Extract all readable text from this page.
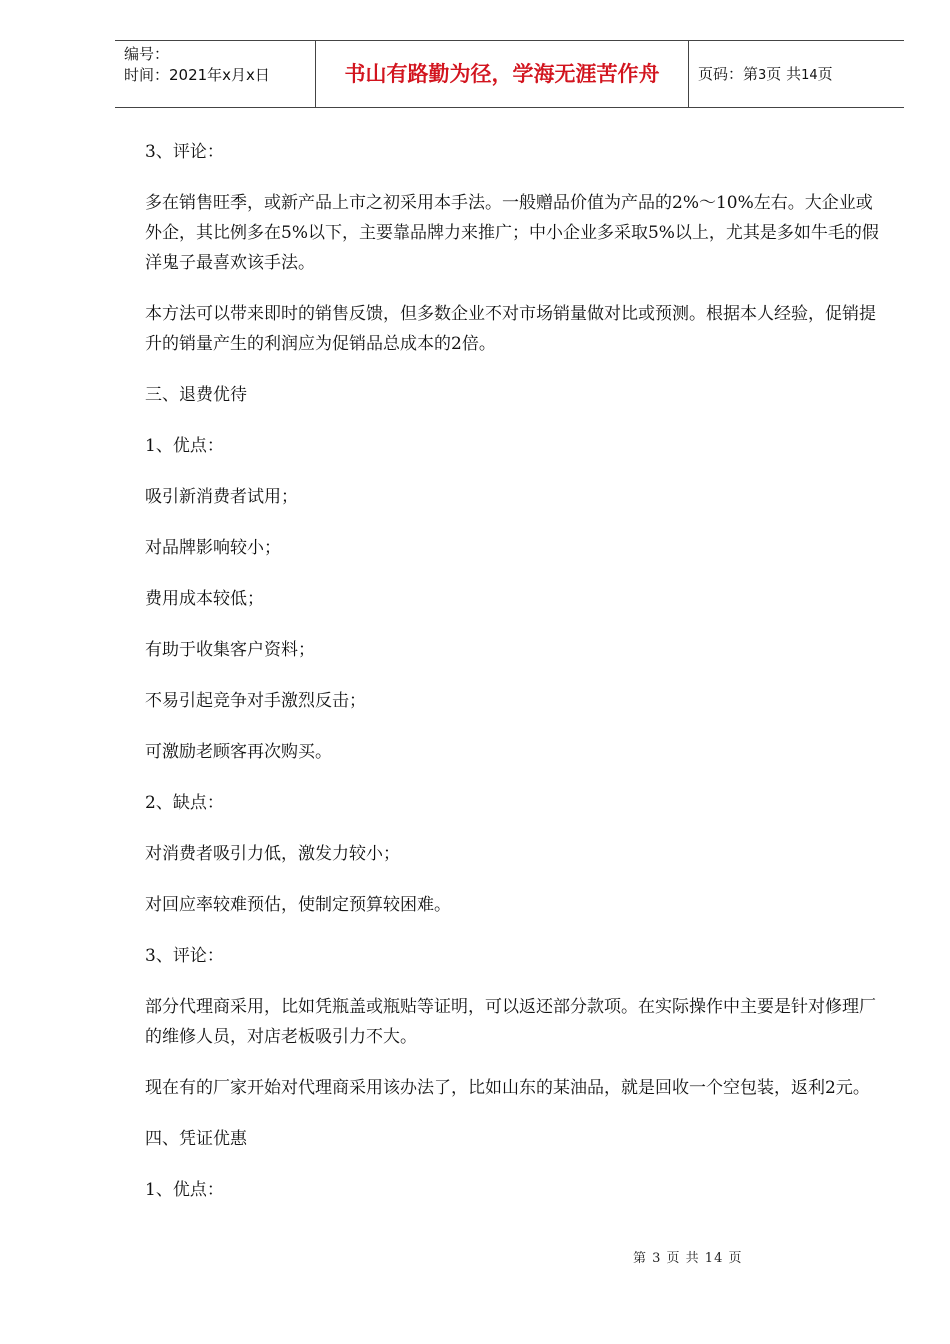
编号：
时间：2021年x月x日	书山有路勤为径，学海无涯苦作舟	页码：第3页 共14页

3、评论：

多在销售旺季，或新产品上市之初采用本手法。一般赠品价值为产品的2%～10%左右。大企业或外企，其比例多在5%以下，主要靠品牌力来推广；中小企业多采取5%以上，尤其是多如牛毛的假洋鬼子最喜欢该手法。

本方法可以带来即时的销售反馈，但多数企业不对市场销量做对比或预测。根据本人经验，促销提升的销量产生的利润应为促销品总成本的2倍。

三、退费优待

1、优点：

吸引新消费者试用；

对品牌影响较小；

费用成本较低；

有助于收集客户资料；

不易引起竞争对手激烈反击；

可激励老顾客再次购买。

2、缺点：

对消费者吸引力低，激发力较小；

对回应率较难预估，使制定预算较困难。

3、评论：

部分代理商采用，比如凭瓶盖或瓶贴等证明，可以返还部分款项。在实际操作中主要是针对修理厂的维修人员，对店老板吸引力不大。

现在有的厂家开始对代理商采用该办法了，比如山东的某油品，就是回收一个空包装，返利2元。

四、凭证优惠

1、优点：

第 3 页 共 14 页
